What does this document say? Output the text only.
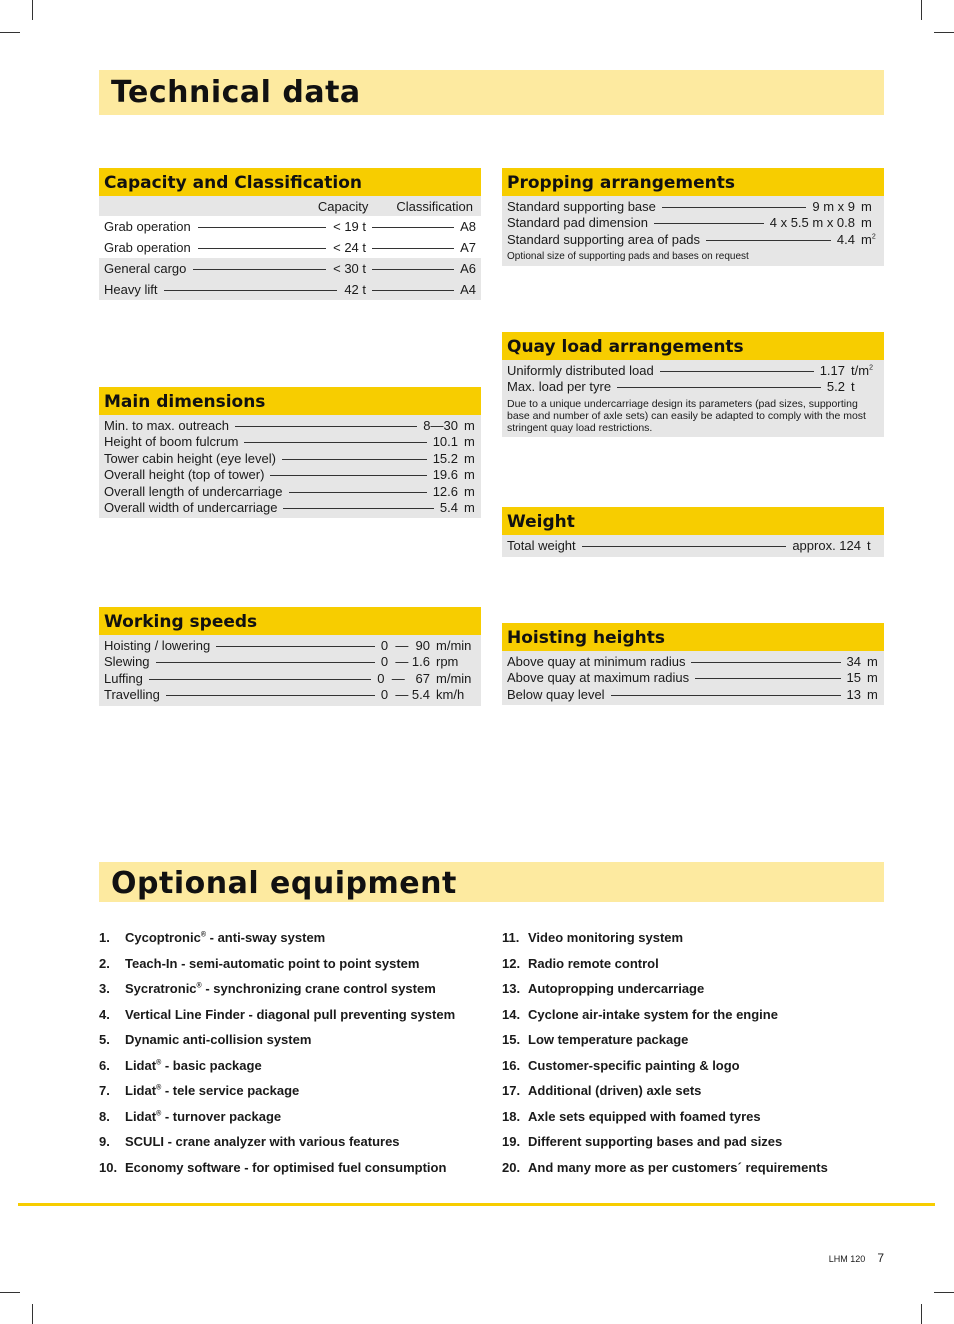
Technical data
Capacity and Classification
Capacity Classification
Grab operation	< 19 t	A8
Grab operation	< 24 t	A7
General cargo	< 30 t	A6
Heavy lift	42 t	A4
Main dimensions
Min. to max. outreach	8—30 m
Height of boom fulcrum	10.1 m
Tower cabin height (eye level)	15.2 m
Overall height (top of tower)	19.6 m
Overall length of undercarriage	12.6 m
Overall width of undercarriage	5.4 m
Working speeds
Hoisting / lowering	0  —  90 m/min
Slewing	0  — 1.6 rpm
Luffing	0  —   67 m/min
Travelling	0  — 5.4 km/h
Propping arrangements
Standard supporting base	9 m x 9 m
Standard pad dimension	4 x 5.5 m x 0.8 m
Standard supporting area of pads	4.4 $m^2$
Optional size of supporting pads and bases on request
Quay load arrangements
Uniformly distributed load	1.17 $t/m^2$
Max. load per tyre	5.2 t
Due to a unique undercarriage design its parameters (pad sizes, supporting base and number of axle sets) can easily be adapted to comply with the most stringent quay load restrictions.
Weight
Total weight	approx. 124 t
Hoisting heights
Above quay at minimum radius	34 m
Above quay at maximum radius	15 m
Below quay level	13 m
Optional equipment
1.	Cycoptronic® - anti-sway system
2.	Teach-In - semi-automatic point to point system
3.	Sycratronic® - synchronizing crane control system
4.	Vertical Line Finder - diagonal pull preventing system
5.	Dynamic anti-collision system
6.	Lidat® - basic package
7.	Lidat® - tele service package
8.	Lidat® - turnover package
9.	SCULI - crane analyzer with various features
10. Economy software - for optimised fuel consumption
11. Video monitoring system
12. Radio remote control
13. Autopropping undercarriage
14. Cyclone air-intake system for the engine
15. Low temperature package
16. Customer-specific painting & logo
17. Additional (driven) axle sets
18. Axle sets equipped with foamed tyres
19. Different supporting bases and pad sizes
20. And many more as per customers´ requirements
LHM 120 7
